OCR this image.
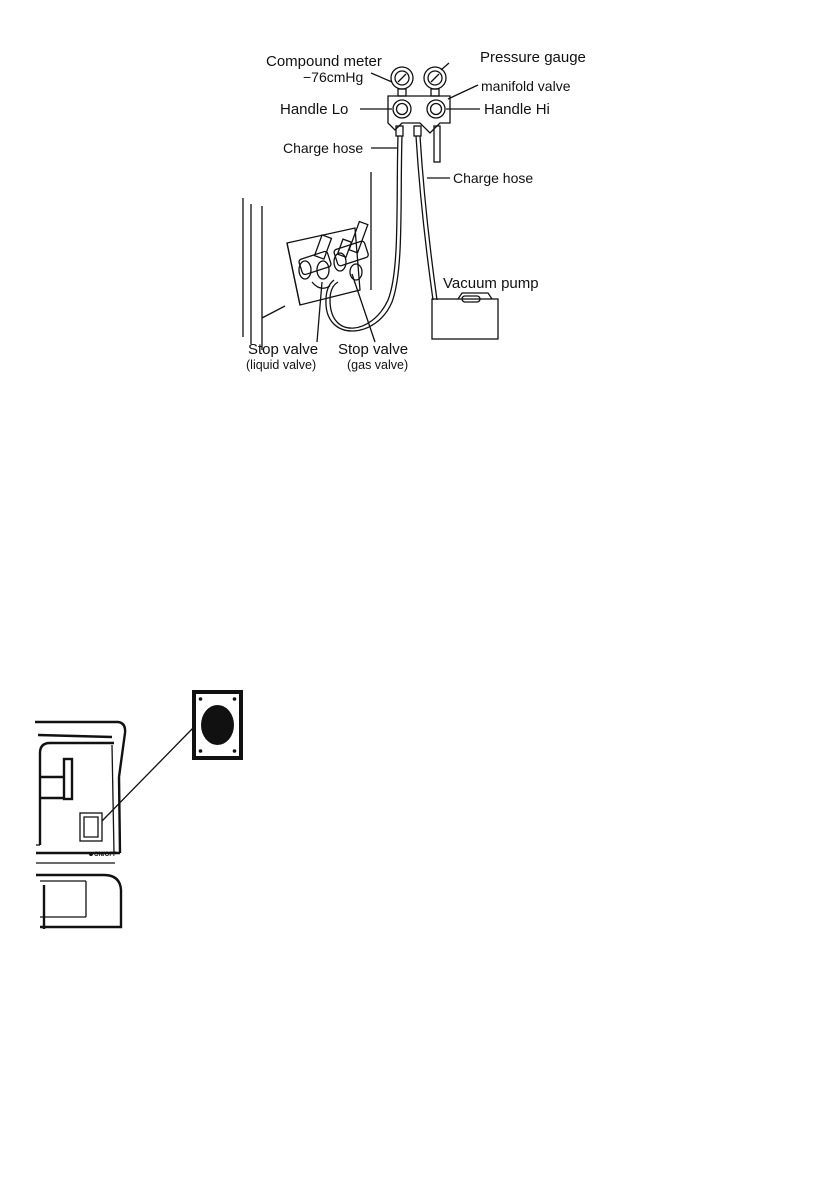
Compound meter
−76cmHg
Pressure gauge
manifold valve
Handle Lo	Handle Hi
Charge hose
Charge hose
Vacuum pump
Stop valve
(liquid valve)
Stop valve
(gas valve)
ON/OFF
